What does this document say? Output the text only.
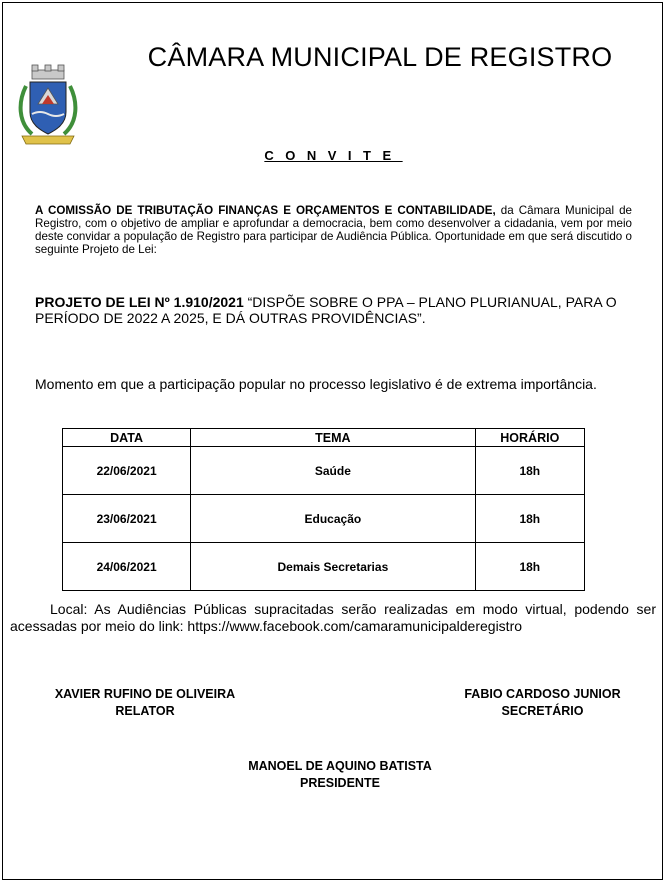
CÂMARA MUNICIPAL DE REGISTRO
CONVITE
A COMISSÃO DE TRIBUTAÇÃO FINANÇAS E ORÇAMENTOS E CONTABILIDADE, da Câmara Municipal de Registro, com o objetivo de ampliar e aprofundar a democracia, bem como desenvolver a cidadania, vem por meio deste convidar a população de Registro para participar de Audiência Pública. Oportunidade em que será discutido o seguinte Projeto de Lei:
PROJETO DE LEI Nº 1.910/2021 “DISPÕE SOBRE O PPA – PLANO PLURIANUAL, PARA O PERÍODO DE 2022 A 2025, E DÁ OUTRAS PROVIDÊNCIAS”.
Momento em que a participação popular no processo legislativo é de extrema importância.
DATA	TEMA	HORÁRIO
22/06/2021	Saúde	18h
23/06/2021	Educação	18h
24/06/2021	Demais Secretarias	18h
Local: As Audiências Públicas supracitadas serão realizadas em modo virtual, podendo ser acessadas por meio do link: https://www.facebook.com/camaramunicipalderegistro
XAVIER RUFINO DE OLIVEIRA
RELATOR
FABIO CARDOSO JUNIOR
SECRETÁRIO
MANOEL DE AQUINO BATISTA
PRESIDENTE
